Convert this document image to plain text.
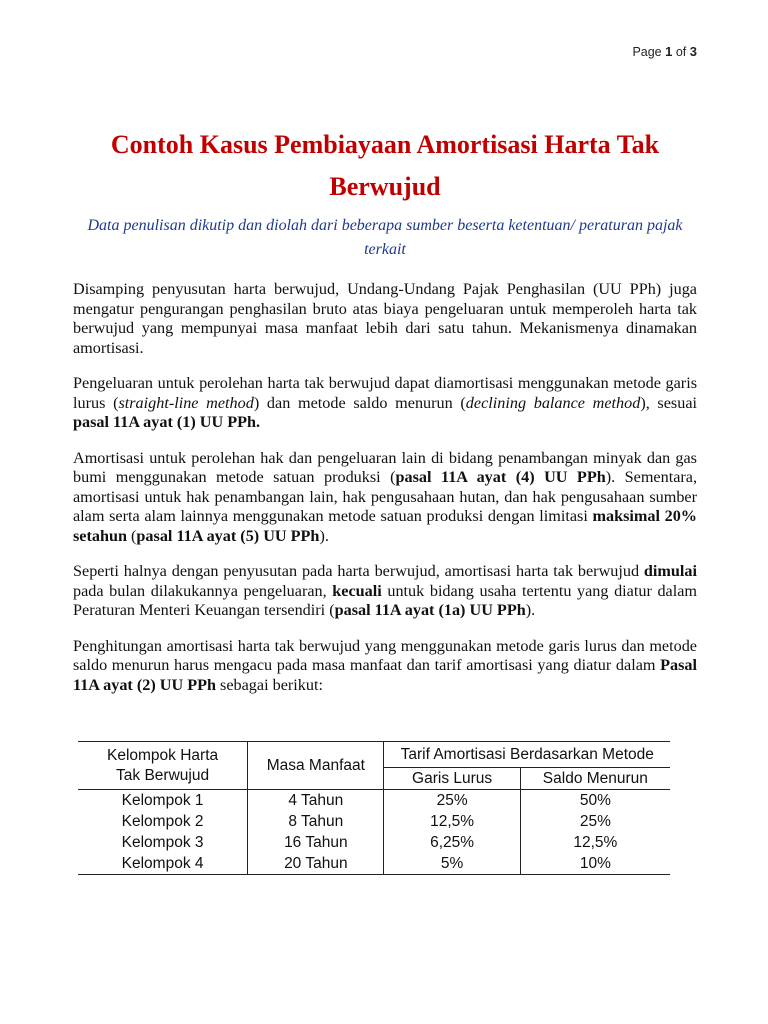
Page 1 of 3
Contoh Kasus Pembiayaan Amortisasi Harta Tak Berwujud
Data penulisan dikutip dan diolah dari beberapa sumber beserta ketentuan/ peraturan pajak terkait

Disamping penyusutan harta berwujud, Undang-Undang Pajak Penghasilan (UU PPh) juga mengatur pengurangan penghasilan bruto atas biaya pengeluaran untuk memperoleh harta tak berwujud yang mempunyai masa manfaat lebih dari satu tahun. Mekanismenya dinamakan amortisasi.

Pengeluaran untuk perolehan harta tak berwujud dapat diamortisasi menggunakan metode garis lurus (straight-line method) dan metode saldo menurun (declining balance method), sesuai pasal 11A ayat (1) UU PPh.

Amortisasi untuk perolehan hak dan pengeluaran lain di bidang penambangan minyak dan gas bumi menggunakan metode satuan produksi (pasal 11A ayat (4) UU PPh). Sementara, amortisasi untuk hak penambangan lain, hak pengusahaan hutan, dan hak pengusahaan sumber alam serta alam lainnya menggunakan metode satuan produksi dengan limitasi maksimal 20% setahun (pasal 11A ayat (5) UU PPh).

Seperti halnya dengan penyusutan pada harta berwujud, amortisasi harta tak berwujud dimulai pada bulan dilakukannya pengeluaran, kecuali untuk bidang usaha tertentu yang diatur dalam Peraturan Menteri Keuangan tersendiri (pasal 11A ayat (1a) UU PPh).

Penghitungan amortisasi harta tak berwujud yang menggunakan metode garis lurus dan metode saldo menurun harus mengacu pada masa manfaat dan tarif amortisasi yang diatur dalam Pasal 11A ayat (2) UU PPh sebagai berikut:

Kelompok Harta
Tak Berwujud	Masa Manfaat	Tarif Amortisasi Berdasarkan Metode	
		Garis Lurus	Saldo Menurun
Kelompok 1	4 Tahun	25%	50%
Kelompok 2	8 Tahun	12,5%	25%
Kelompok 3	16 Tahun	6,25%	12,5%
Kelompok 4	20 Tahun	5%	10%
